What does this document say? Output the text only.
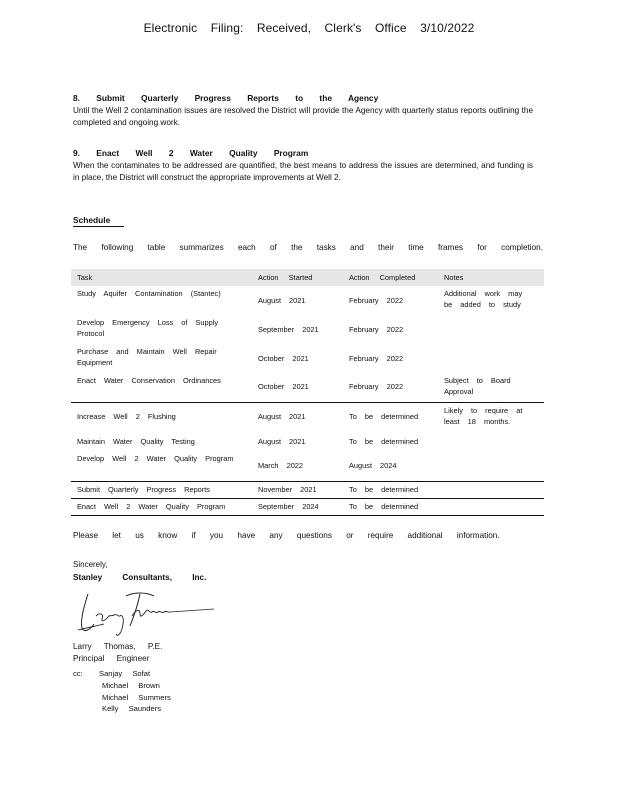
Electronic Filing: Received, Clerk's Office 3/10/2022
8. Submit Quarterly Progress Reports to the Agency
Until the Well 2 contamination issues are resolved the District will provide the Agency with quarterly status reports outlining the completed and ongoing work.
9. Enact Well 2 Water Quality Program
When the contaminates to be addressed are quantified, the best means to address the issues are determined, and funding is in place, the District will construct the appropriate improvements at Well 2.
Schedule
The following table summarizes each of the tasks and their time frames for completion.
Task	Action Started	Action Completed	Notes
Study Aquifer Contamination (Stantec)	August 2021	February 2022	Additional work may be added to study
Develop Emergency Loss of Supply Protocol	September 2021	February 2022	
Purchase and Maintain Well Repair Equipment	October 2021	February 2022	
Enact Water Conservation Ordinances	October 2021	February 2022	Subject to Board Approval
Increase Well 2 Flushing	August 2021	To be determined	Likely to require at least 18 months.
Maintain Water Quality Testing	August 2021	To be determined	
Develop Well 2 Water Quality Program	March 2022	August 2024	
Submit Quarterly Progress Reports	November 2021	To be determined	
Enact Well 2 Water Quality Program	September 2024	To be determined	
Please let us know if you have any questions or require additional information.
Sincerely,
Stanley Consultants, Inc.
Larry Thomas, P.E.
Principal Engineer
cc: Sanjay Sofat
Michael Brown
Michael Summers
Kelly Saunders
